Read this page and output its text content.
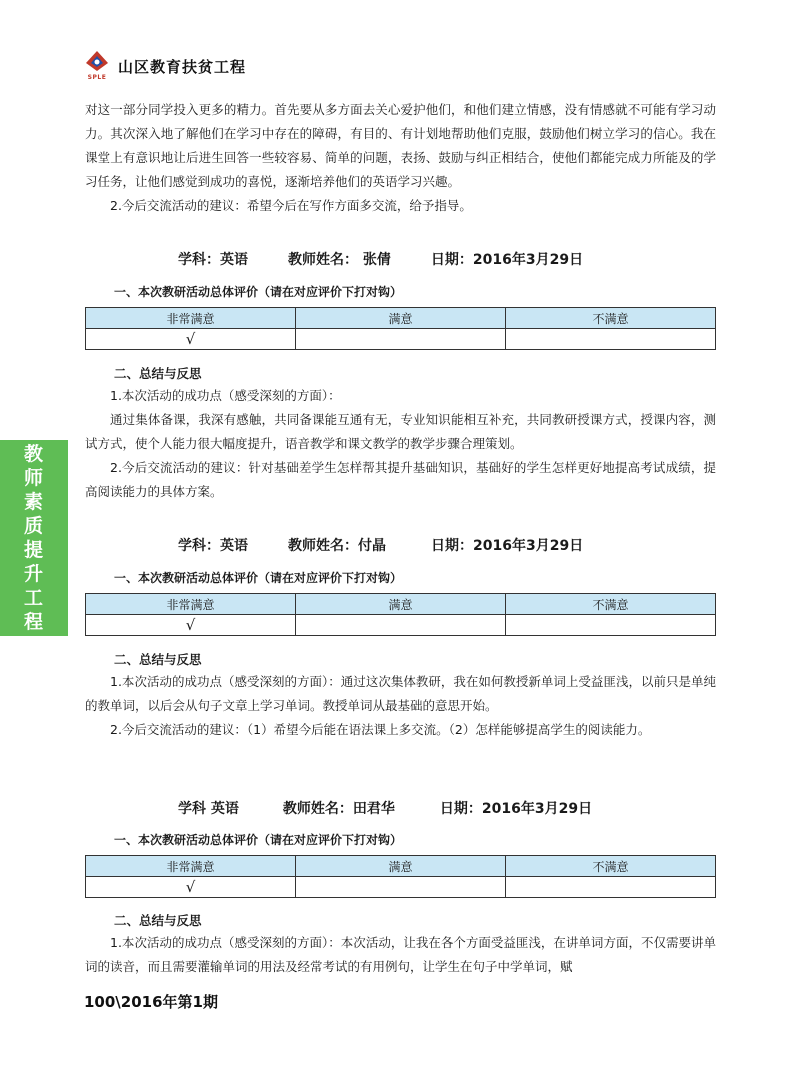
SPLE
山区教育扶贫工程
教
师
素
质
提
升
工
程

对这一部分同学投入更多的精力。首先要从多方面去关心爱护他们，和他们建立情感，没有情感就不可能有学习动力。其次深入地了解他们在学习中存在的障碍，有目的、有计划地帮助他们克服，鼓励他们树立学习的信心。我在课堂上有意识地让后进生回答一些较容易、简单的问题，表扬、鼓励与纠正相结合，使他们都能完成力所能及的学习任务，让他们感觉到成功的喜悦，逐渐培养他们的英语学习兴趣。

2.今后交流活动的建议：希望今后在写作方面多交流，给予指导。

学科：英语	教师姓名： 张倩	日期：2016年3月29日
一、本次教研活动总体评价（请在对应评价下打对钩）
非常满意	满意	不满意
√		
二、总结与反思

1.本次活动的成功点（感受深刻的方面）：

通过集体备课，我深有感触，共同备课能互通有无，专业知识能相互补充，共同教研授课方式，授课内容，测试方式，使个人能力很大幅度提升，语音教学和课文教学的教学步骤合理策划。

2.今后交流活动的建议：针对基础差学生怎样帮其提升基础知识，基础好的学生怎样更好地提高考试成绩，提高阅读能力的具体方案。

学科：英语	教师姓名：付晶	日期：2016年3月29日
一、本次教研活动总体评价（请在对应评价下打对钩）
非常满意	满意	不满意
√		
二、总结与反思

1.本次活动的成功点（感受深刻的方面）：通过这次集体教研，我在如何教授新单词上受益匪浅，以前只是单纯的教单词，以后会从句子文章上学习单词。教授单词从最基础的意思开始。

2.今后交流活动的建议：（1）希望今后能在语法课上多交流。（2）怎样能够提高学生的阅读能力。

学科 英语	教师姓名：田君华	日期：2016年3月29日
一、本次教研活动总体评价（请在对应评价下打对钩）
非常满意	满意	不满意
√		
二、总结与反思

1.本次活动的成功点（感受深刻的方面）：本次活动，让我在各个方面受益匪浅，在讲单词方面，不仅需要讲单词的读音，而且需要灌输单词的用法及经常考试的有用例句，让学生在句子中学单词，赋

100\2016年第1期
